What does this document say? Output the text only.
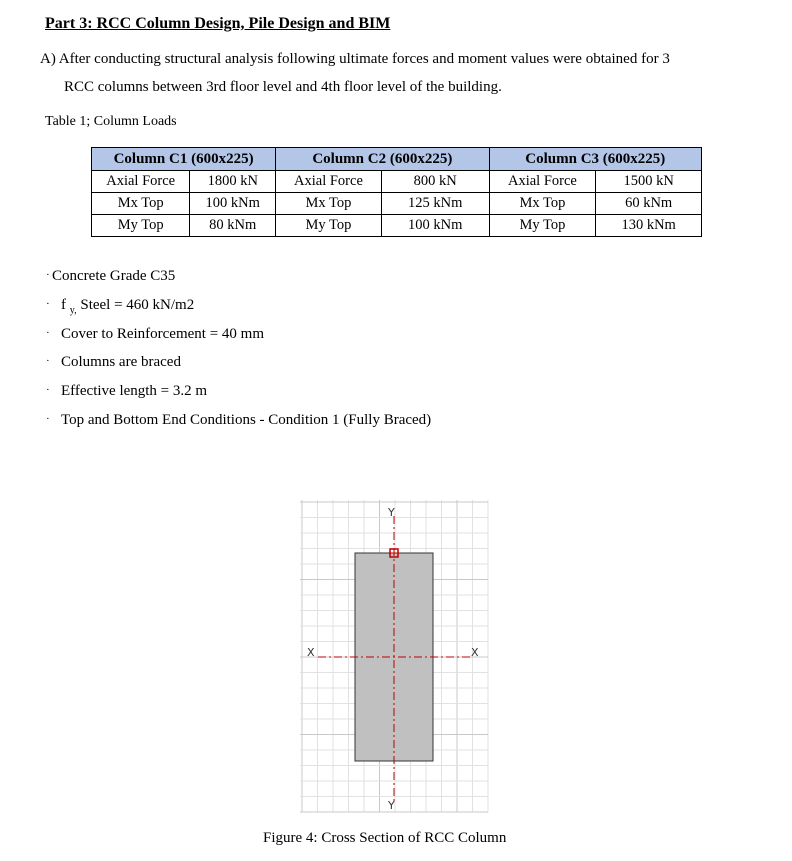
Part 3: RCC Column Design, Pile Design and BIM
A) After conducting structural analysis following ultimate forces and moment values were obtained for 3
RCC columns between 3rd floor level and 4th floor level of the building.
Table 1; Column Loads
Column C1 (600x225)		Column C2 (600x225)		Column C3 (600x225)	
Axial Force	1800 kN	Axial Force	800 kN	Axial Force	1500 kN
Mx Top	100 kNm	Mx Top	125 kNm	Mx Top	60 kNm
My Top	80 kNm	My Top	100 kNm	My Top	130 kNm
· Concrete Grade C35
· f $_{y,}$ Steel = 460 kN/m2
· Cover to Reinforcement = 40 mm
· Columns are braced
· Effective length = 3.2 m
· Top and Bottom End Conditions - Condition 1 (Fully Braced)
Y
Y
X	X
Figure 4: Cross Section of RCC Column
